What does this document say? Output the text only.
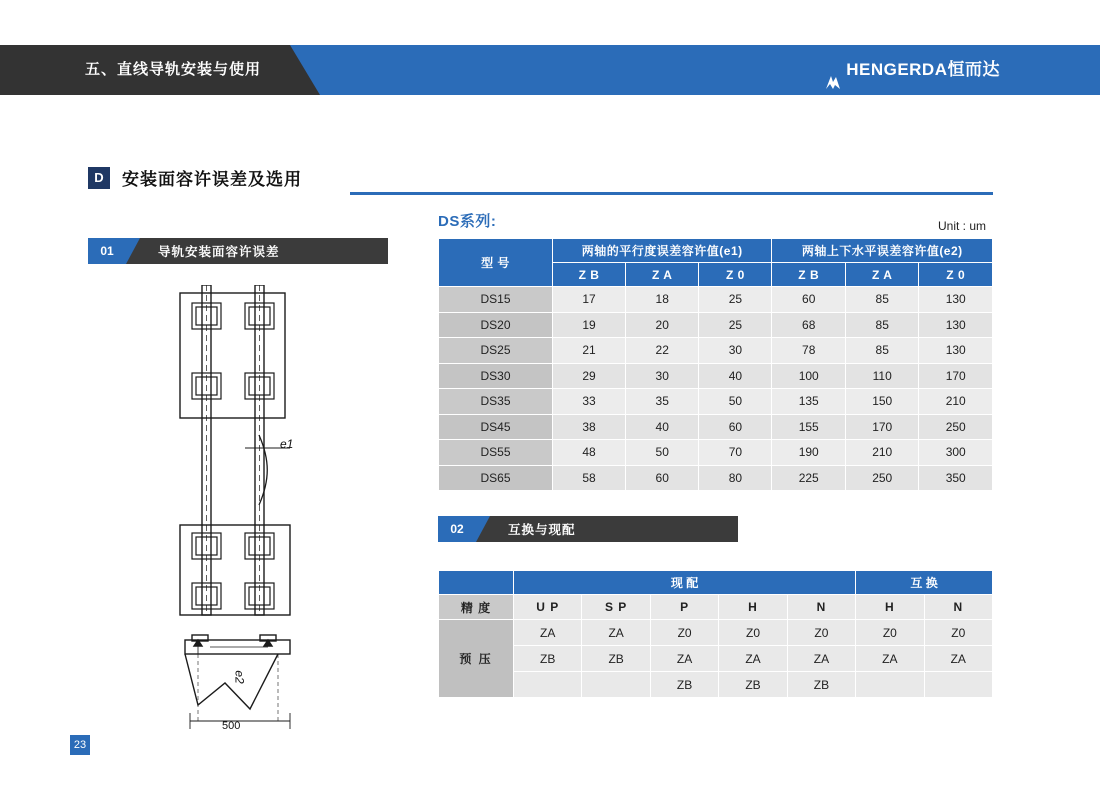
五、直线导轨安装与使用	HENGERDA恒而达
D	安装面容许误差及选用
01	导轨安装面容许误差
e1
e2
500
DS系列:	Unit : um
型 号	两轴的平行度误差容许值(e1)			两轴上下水平误差容许值(e2)		
	Z B	Z A	Z 0	Z B	Z A	Z 0
DS15	17	18	25	60	85	130
DS20	19	20	25	68	85	130
DS25	21	22	30	78	85	130
DS30	29	30	40	100	110	170
DS35	33	35	50	135	150	210
DS45	38	40	60	155	170	250
DS55	48	50	70	190	210	300
DS65	58	60	80	225	250	350
02	互换与现配
	现 配					互 换	
精 度	U P	S P	P	H	N	H	N
预 压	ZA	ZA	Z0	Z0	Z0	Z0	Z0
	ZB	ZB	ZA	ZA	ZA	ZA	ZA
			ZB	ZB	ZB		
23
